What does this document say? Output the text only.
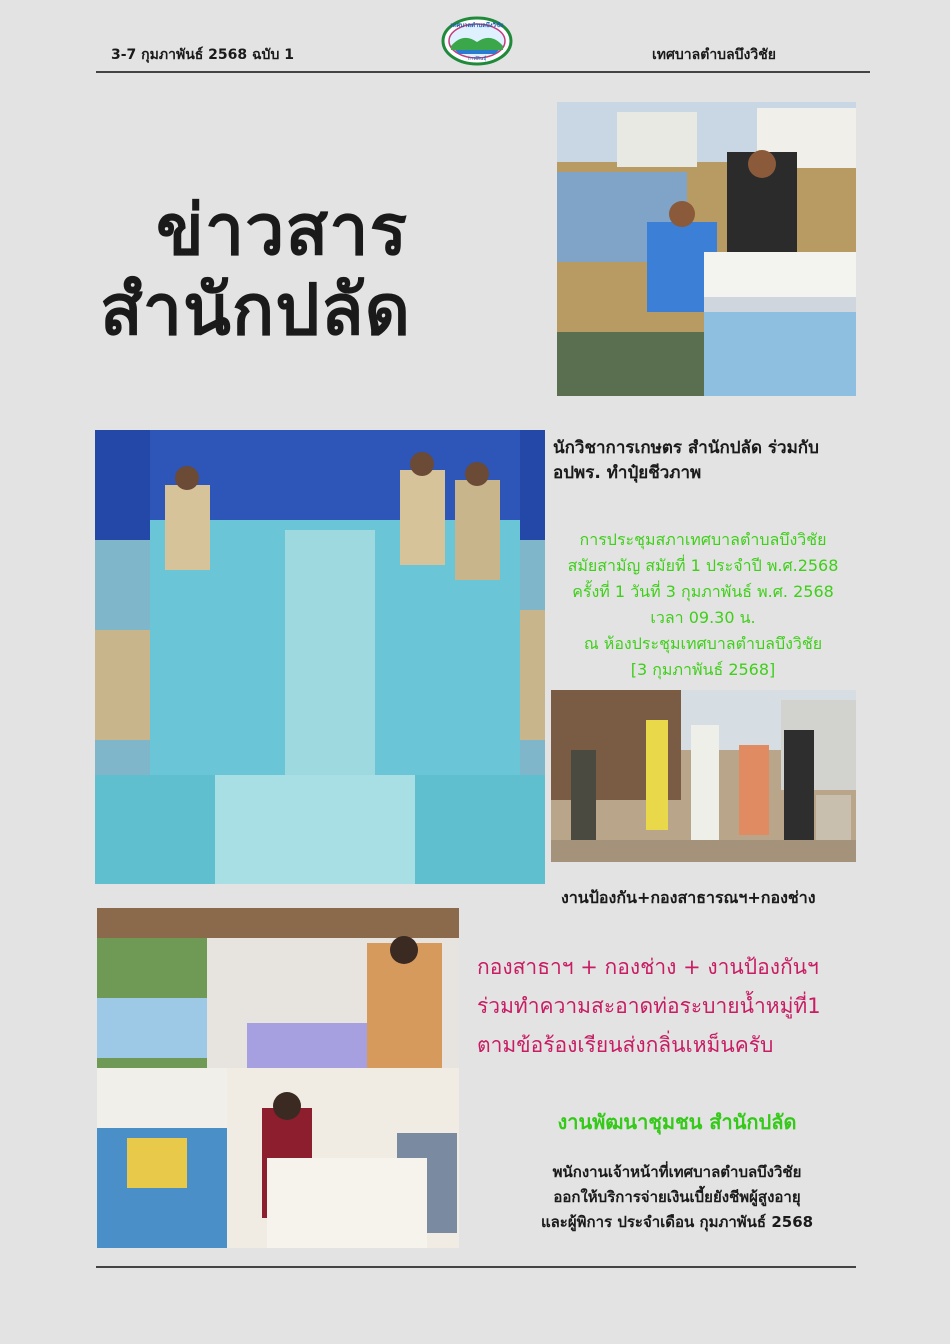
3-7 กุมภาพันธ์ 2568 ฉบับ 1
เทศบาลตำบลบึงวิชัย
กาฬสินธุ์	เทศบาลตำบลบึงวิชัย
ข่าวสาร
สำนักปลัด
นักวิชาการเกษตร สำนักปลัด ร่วมกับ อปพร. ทำปุ๋ยชีวภาพ
การประชุมสภาเทศบาลตำบลบึงวิชัย
สมัยสามัญ สมัยที่ 1 ประจำปี พ.ศ.2568
ครั้งที่ 1 วันที่ 3 กุมภาพันธ์ พ.ศ. 2568
เวลา 09.30 น.
ณ ห้องประชุมเทศบาลตำบลบึงวิชัย
[3 กุมภาพันธ์ 2568]
งานป้องกัน+กองสาธารณฯ+กองช่าง
กองสาธาฯ + กองช่าง + งานป้องกันฯ
ร่วมทำความสะอาดท่อระบายน้ำหมู่ที่1
ตามข้อร้องเรียนส่งกลิ่นเหม็นครับ
งานพัฒนาชุมชน สำนักปลัด
พนักงานเจ้าหน้าที่เทศบาลตำบลบึงวิชัย
ออกให้บริการจ่ายเงินเบี้ยยังชีพผู้สูงอายุ
และผู้พิการ ประจำเดือน กุมภาพันธ์ 2568
